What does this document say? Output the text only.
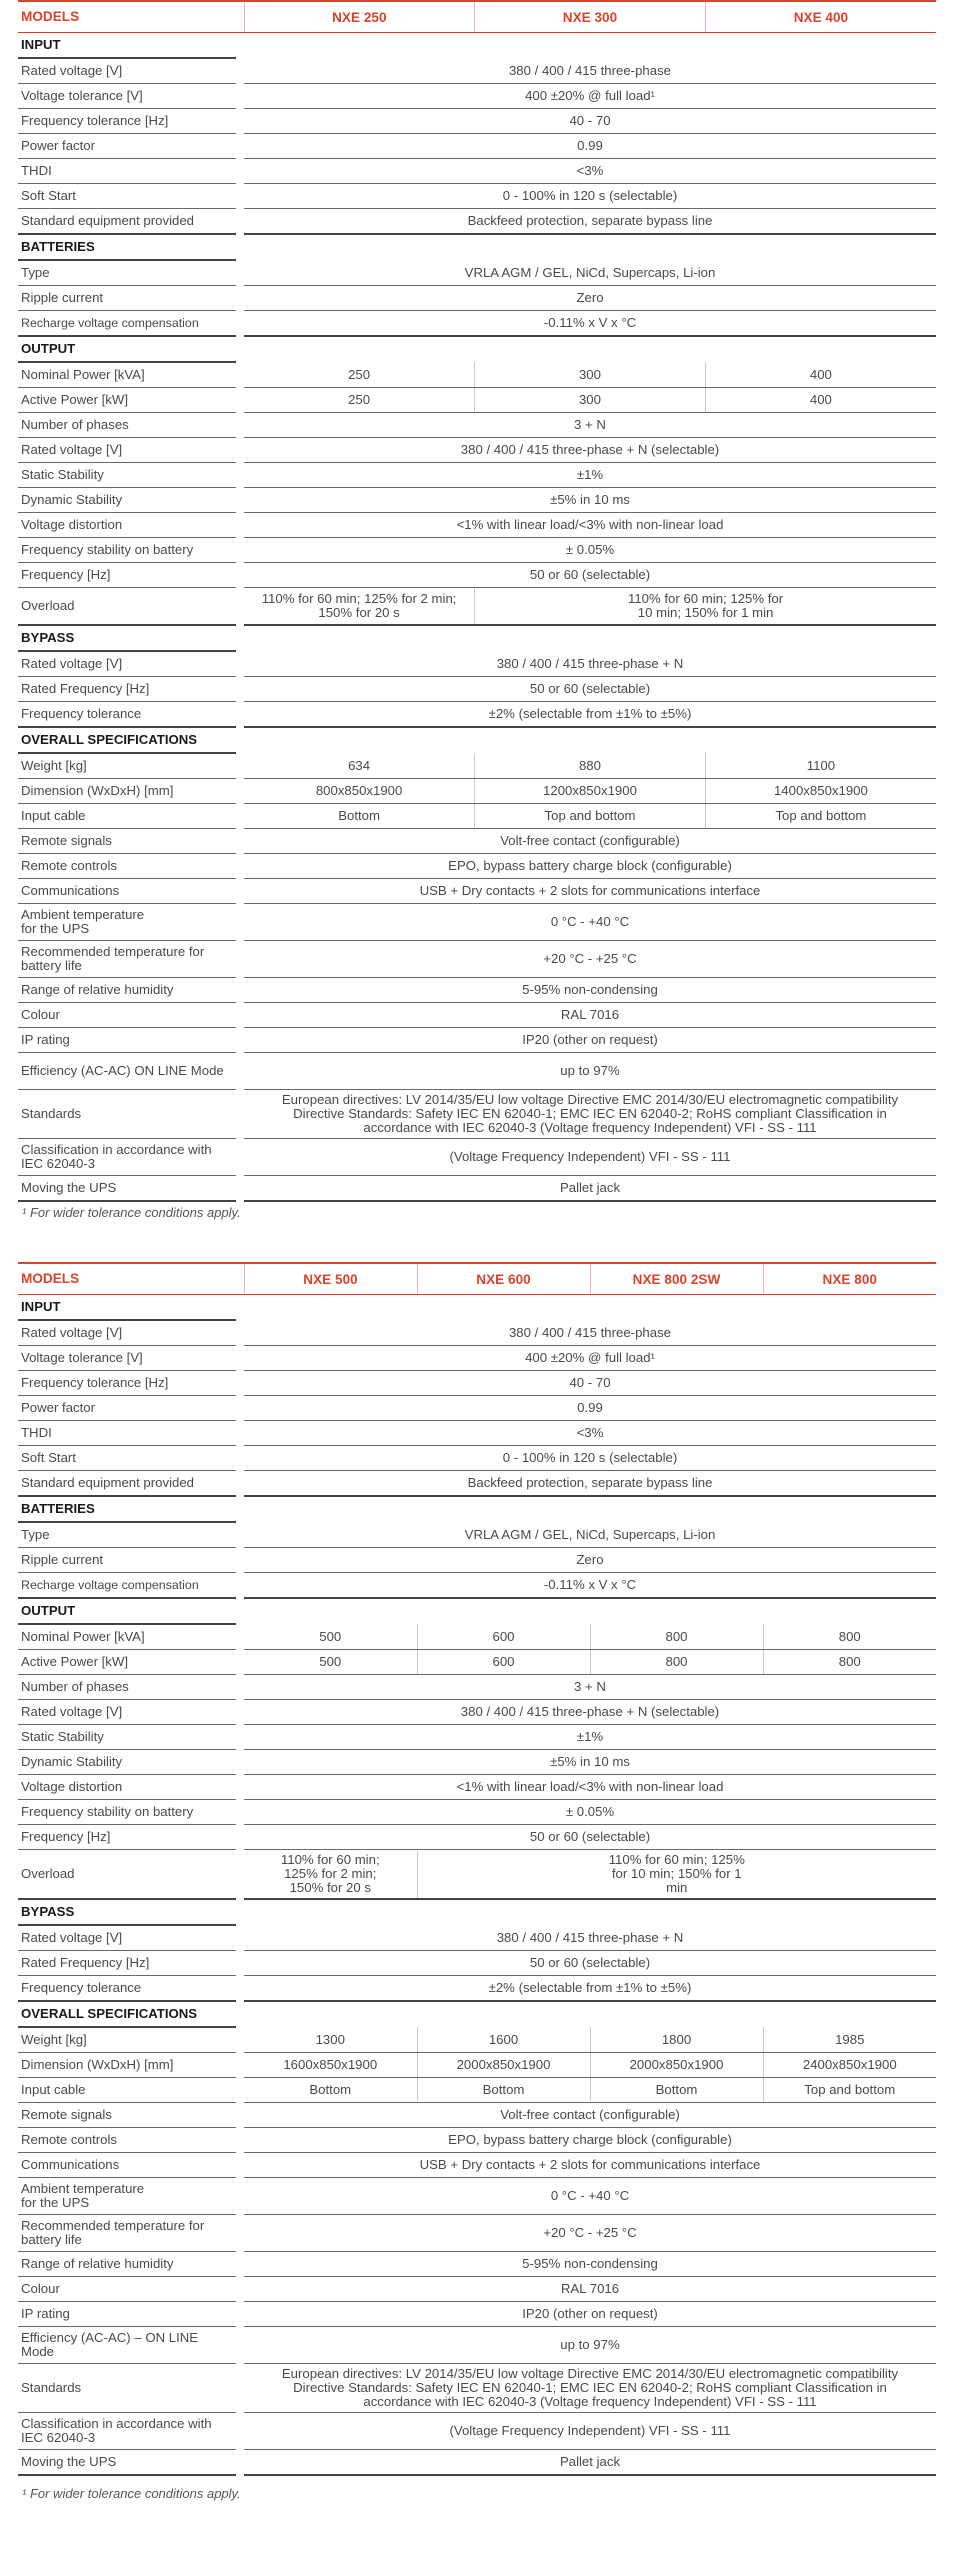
MODELS		NXE 250	NXE 300	NXE 400
INPUT				
Rated voltage [V]		380 / 400 / 415 three-phase		
Voltage tolerance [V]		400 ±20% @ full load¹		
Frequency tolerance [Hz]		40 - 70		
Power factor		0.99		
THDI		<3%		
Soft Start		0 - 100% in 120 s (selectable)		
Standard equipment provided		Backfeed protection, separate bypass line		
BATTERIES				
Type		VRLA AGM / GEL, NiCd, Supercaps, Li-ion		
Ripple current		Zero		
Recharge voltage compensation		-0.11% x V x °C		
OUTPUT				
Nominal Power [kVA]		250	300	400
Active Power [kW]		250	300	400
Number of phases		3 + N		
Rated voltage [V]		380 / 400 / 415 three-phase + N (selectable)		
Static Stability		±1%		
Dynamic Stability		±5% in 10 ms		
Voltage distortion		<1% with linear load/<3% with non-linear load		
Frequency stability on battery		± 0.05%		
Frequency [Hz]		50 or 60 (selectable)		
Overload		110% for 60 min; 125% for 2 min; 150% for 20 s	110% for 60 min; 125% for 10 min; 150% for 1 min	
BYPASS				
Rated voltage [V]		380 / 400 / 415 three-phase + N		
Rated Frequency [Hz]		50 or 60 (selectable)		
Frequency tolerance		±2% (selectable from ±1% to ±5%)		
OVERALL SPECIFICATIONS				
Weight [kg]		634	880	1100
Dimension (WxDxH) [mm]		800x850x1900	1200x850x1900	1400x850x1900
Input cable		Bottom	Top and bottom	Top and bottom
Remote signals		Volt-free contact (configurable)		
Remote controls		EPO, bypass battery charge block (configurable)		
Communications		USB + Dry contacts + 2 slots for communications interface		
Ambient temperature for the UPS		0 °C - +40 °C		
Recommended temperature for battery life		+20 °C - +25 °C		
Range of relative humidity		5-95% non-condensing		
Colour		RAL 7016		
IP rating		IP20 (other on request)		
Efficiency (AC-AC) ON LINE Mode		up to 97%		
Standards		European directives: LV 2014/35/EU low voltage Directive EMC 2014/30/EU electromagnetic compatibility Directive Standards: Safety IEC EN 62040-1; EMC IEC EN 62040-2; RoHS compliant Classification in accordance with IEC 62040-3 (Voltage frequency Independent) VFI - SS - 111		
Classification in accordance with IEC 62040-3		(Voltage Frequency Independent) VFI - SS - 111		
Moving the UPS		Pallet jack		
¹ For wider tolerance conditions apply.
MODELS		NXE 500	NXE 600	NXE 800 2SW	NXE 800
INPUT					
Rated voltage [V]		380 / 400 / 415 three-phase			
Voltage tolerance [V]		400 ±20% @ full load¹			
Frequency tolerance [Hz]		40 - 70			
Power factor		0.99			
THDI		<3%			
Soft Start		0 - 100% in 120 s (selectable)			
Standard equipment provided		Backfeed protection, separate bypass line			
BATTERIES					
Type		VRLA AGM / GEL, NiCd, Supercaps, Li-ion			
Ripple current		Zero			
Recharge voltage compensation		-0.11% x V x °C			
OUTPUT					
Nominal Power [kVA]		500	600	800	800
Active Power [kW]		500	600	800	800
Number of phases		3 + N			
Rated voltage [V]		380 / 400 / 415 three-phase + N (selectable)			
Static Stability		±1%			
Dynamic Stability		±5% in 10 ms			
Voltage distortion		<1% with linear load/<3% with non-linear load			
Frequency stability on battery		± 0.05%			
Frequency [Hz]		50 or 60 (selectable)			
Overload		110% for 60 min; 125% for 2 min; 150% for 20 s	110% for 60 min; 125% for 10 min; 150% for 1 min		
BYPASS					
Rated voltage [V]		380 / 400 / 415 three-phase + N			
Rated Frequency [Hz]		50 or 60 (selectable)			
Frequency tolerance		±2% (selectable from ±1% to ±5%)			
OVERALL SPECIFICATIONS					
Weight [kg]		1300	1600	1800	1985
Dimension (WxDxH) [mm]		1600x850x1900	2000x850x1900	2000x850x1900	2400x850x1900
Input cable		Bottom	Bottom	Bottom	Top and bottom
Remote signals		Volt-free contact (configurable)			
Remote controls		EPO, bypass battery charge block (configurable)			
Communications		USB + Dry contacts + 2 slots for communications interface			
Ambient temperature for the UPS		0 °C - +40 °C			
Recommended temperature for battery life		+20 °C - +25 °C			
Range of relative humidity		5-95% non-condensing			
Colour		RAL 7016			
IP rating		IP20 (other on request)			
Efficiency (AC-AC) – ON LINE Mode		up to 97%			
Standards		European directives: LV 2014/35/EU low voltage Directive EMC 2014/30/EU electromagnetic compatibility Directive Standards: Safety IEC EN 62040-1; EMC IEC EN 62040-2; RoHS compliant Classification in accordance with IEC 62040-3 (Voltage frequency Independent) VFI - SS - 111			
Classification in accordance with IEC 62040-3		(Voltage Frequency Independent) VFI - SS - 111			
Moving the UPS		Pallet jack			
¹ For wider tolerance conditions apply.
